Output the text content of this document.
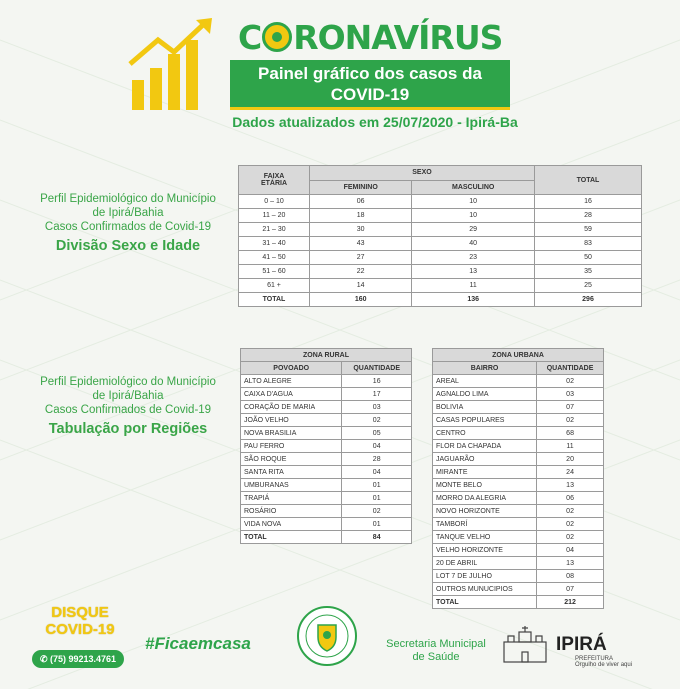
C RONAVÍRUS
Painel gráfico dos casos da
COVID-19
Dados atualizados em 25/07/2020 - Ipirá-Ba
Perfil Epidemiológico do Município
de Ipirá/Bahia
Casos Confirmados de Covid-19
Divisão Sexo e Idade
FAIXA
ETÁRIA	SEXO		TOTAL
	FEMININO	MASCULINO	
0 – 10	06	10	16
11 – 20	18	10	28
21 – 30	30	29	59
31 – 40	43	40	83
41 – 50	27	23	50
51 – 60	22	13	35
61 +	14	11	25
TOTAL	160	136	296
Perfil Epidemiológico do Município
de Ipirá/Bahia
Casos Confirmados de Covid-19
Tabulação por Regiões
ZONA RURAL	
POVOADO	QUANTIDADE
ALTO ALEGRE	16
CAIXA D'AGUA	17
CORAÇÃO DE MARIA	03
JOÃO VELHO	02
NOVA BRASILIA	05
PAU FERRO	04
SÃO ROQUE	28
SANTA RITA	04
UMBURANAS	01
TRAPIÁ	01
ROSÁRIO	02
VIDA NOVA	01
TOTAL	84
ZONA URBANA	
BAIRRO	QUANTIDADE
AREAL	02
AGNALDO LIMA	03
BOLIVIA	07
CASAS POPULARES	02
CENTRO	68
FLOR DA CHAPADA	11
JAGUARÃO	20
MIRANTE	24
MONTE BELO	13
MORRO DA ALEGRIA	06
NOVO HORIZONTE	02
TAMBORÍ	02
TANQUE VELHO	02
VELHO HORIZONTE	04
20 DE ABRIL	13
LOT 7 DE JULHO	08
OUTROS MUNUCIPIOS	07
TOTAL	212
DISQUE
COVID-19
✆ (75) 99213.4761
#Ficaemcasa	Secretaria Municipal
de Saúde
IPIRÁ
PREFEITURA
Orgulho de viver aqui
